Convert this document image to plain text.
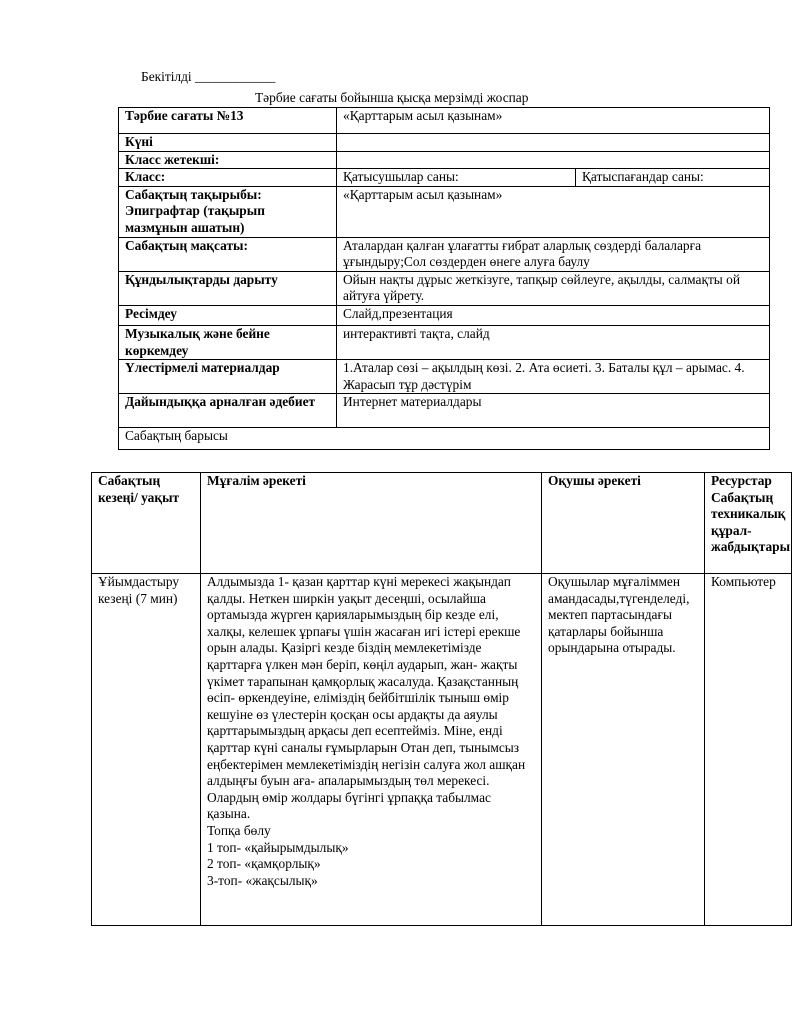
Бекітілді ____________
Тәрбие сағаты бойынша қысқа мерзімді жоспар
Тәрбие сағаты №13	«Қарттарым асыл қазынам»	
Күні		
Класс жетекші:		
Класс:	Қатысушылар саны:	Қатыспағандар саны:
Сабақтың тақырыбы: Эпиграфтар (тақырып мазмұнын ашатын)	«Қарттарым асыл қазынам»	
Сабақтың мақсаты:	Аталардан қалған ұлағатты ғибрат аларлық сөздерді балаларға ұғындыру;Сол сөздерден өнеге алуға баулу	
Құндылықтарды дарыту	Ойын нақты дұрыс жеткізуге, тапқыр сөйлеуге, ақылды, салмақты ой айтуға үйрету.	
Ресімдеу	Слайд,презентация	
Музыкалық және бейне көркемдеу	интерактивті тақта, слайд	
Үлестірмелі материалдар	1.Аталар сөзі – ақылдың көзі. 2. Ата өсиеті. 3. Баталы құл – арымас. 4. Жарасып тұр дәстүрім	
Дайындыққа арналған әдебиет	Интернет материалдары	
Сабақтың барысы		
Сабақтың кезеңі/ уақыт	Мұғалім әрекеті	Оқушы әрекеті	Ресурстар Сабақтың техникалық құрал-жабдықтары
Ұйымдастыру кезеңі (7 мин)	Алдымызда 1- қазан қарттар күні мерекесі жақындап қалды. Неткен ширкін уақыт десеңші, осылайша ортамызда жүрген қарияларымыздың бір кезде елі, халқы, келешек ұрпағы үшін жасаған игі істері ерекше орын алады. Қазіргі кезде біздің мемлекетімізде қарттарға үлкен мән беріп, көңіл аударып, жан- жақты үкімет тарапынан қамқорлық жасалуда. Қазақстанның өсіп- өркендеуіне, еліміздің бейбітшілік тыныш өмір кешуіне өз үлестерін қосқан осы ардақты да аяулы қарттарымыздың арқасы деп есептейміз. Міне, енді қарттар күні саналы ғұмырларын Отан деп, тынымсыз еңбектерімен мемлекетіміздің негізін салуға жол ашқан алдыңғы буын аға- апаларымыздың төл мерекесі. Олардың өмір жолдары бүгінгі ұрпаққа табылмас қазына.
Топқа бөлу
1 топ- «қайырымдылық»
2 топ- «қамқорлық»
3-топ- «жақсылық»	Оқушылар мұғаліммен амандасады,түгенделеді, мектеп партасындағы қатарлары бойынша орындарына отырады.	Компьютер
